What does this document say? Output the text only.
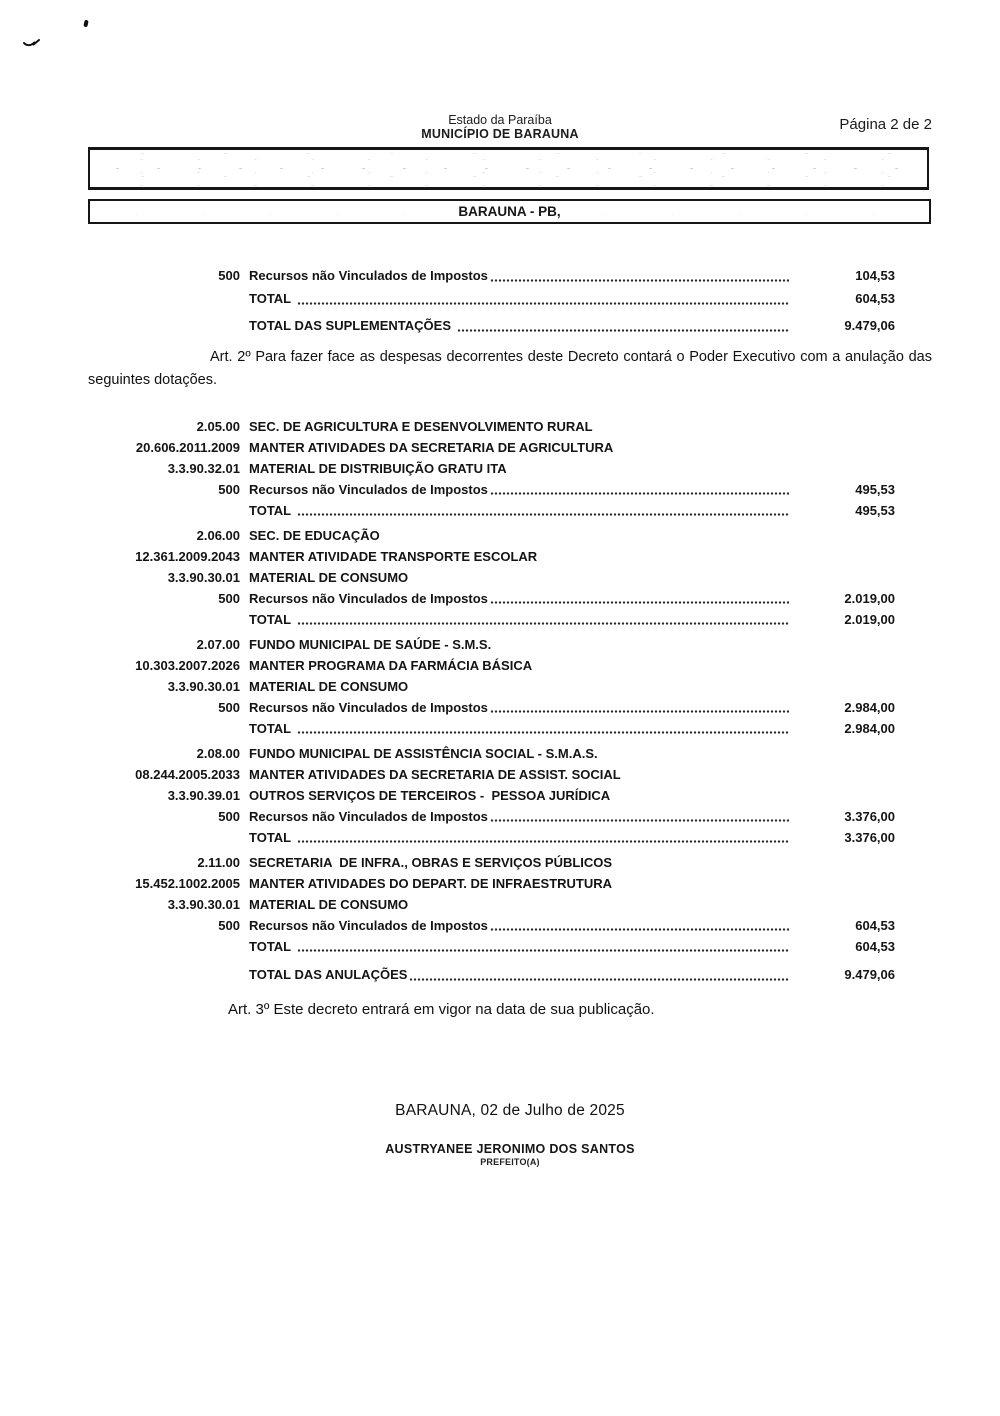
Estado da Paraíba
MUNICÍPIO DE BARAUNA
Página 2 de 2
BARAUNA - PB,
500 Recursos não Vinculados de Impostos	104,53
TOTAL	604,53
TOTAL DAS SUPLEMENTAÇÕES	9.479,06
Art. 2º Para fazer face as despesas decorrentes deste Decreto contará o Poder Executivo com a anulação das seguintes dotações.
2.05.00 SEC. DE AGRICULTURA E DESENVOLVIMENTO RURAL
20.606.2011.2009 MANTER ATIVIDADES DA SECRETARIA DE AGRICULTURA
3.3.90.32.01 MATERIAL DE DISTRIBUIÇÃO GRATU ITA
500 Recursos não Vinculados de Impostos	495,53
TOTAL	495,53
2.06.00 SEC. DE EDUCAÇÃO
12.361.2009.2043 MANTER ATIVIDADE TRANSPORTE ESCOLAR
3.3.90.30.01 MATERIAL DE CONSUMO
500 Recursos não Vinculados de Impostos	2.019,00
TOTAL	2.019,00
2.07.00 FUNDO MUNICIPAL DE SAÚDE - S.M.S.
10.303.2007.2026 MANTER PROGRAMA DA FARMÁCIA BÁSICA
3.3.90.30.01 MATERIAL DE CONSUMO
500 Recursos não Vinculados de Impostos	2.984,00
TOTAL	2.984,00
2.08.00 FUNDO MUNICIPAL DE ASSISTÊNCIA SOCIAL - S.M.A.S.
08.244.2005.2033 MANTER ATIVIDADES DA SECRETARIA DE ASSIST. SOCIAL
3.3.90.39.01 OUTROS SERVIÇOS DE TERCEIROS -  PESSOA JURÍDICA
500 Recursos não Vinculados de Impostos	3.376,00
TOTAL	3.376,00
2.11.00 SECRETARIA  DE INFRA., OBRAS E SERVIÇOS PÚBLICOS
15.452.1002.2005 MANTER ATIVIDADES DO DEPART. DE INFRAESTRUTURA
3.3.90.30.01 MATERIAL DE CONSUMO
500 Recursos não Vinculados de Impostos	604,53
TOTAL	604,53
TOTAL DAS ANULAÇÕES	9.479,06
Art. 3º Este decreto entrará em vigor na data de sua publicação.
BARAUNA, 02 de Julho de 2025
AUSTRYANEE JERONIMO DOS SANTOS
PREFEITO(A)
